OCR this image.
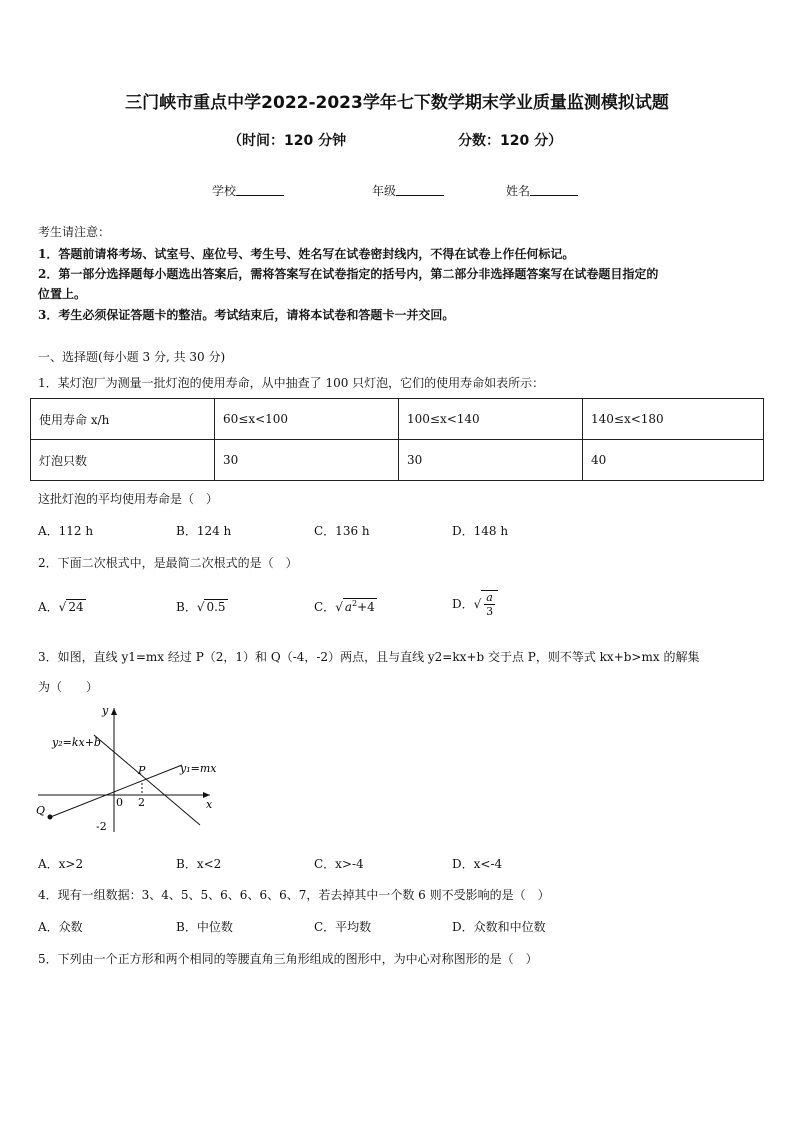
三门峡市重点中学2022-2023学年七下数学期末学业质量监测模拟试题
（时间：120 分钟	分数：120 分）
学校	年级	姓名
考生请注意：
1．答题前请将考场、试室号、座位号、考生号、姓名写在试卷密封线内，不得在试卷上作任何标记。
2．第一部分选择题每小题选出答案后，需将答案写在试卷指定的括号内，第二部分非选择题答案写在试卷题目指定的
位置上。
3．考生必须保证答题卡的整洁。考试结束后，请将本试卷和答题卡一并交回。
一、选择题(每小题 3 分, 共 30 分)
1．某灯泡厂为测量一批灯泡的使用寿命，从中抽查了 100 只灯泡，它们的使用寿命如表所示：
使用寿命 x/h	60≤x<100	100≤x<140	140≤x<180
灯泡只数	30	30	40
这批灯泡的平均使用寿命是（　）
A．112 h	B．124 h	C．136 h	D．148 h
2．下面二次根式中，是最简二次根式的是（　）
A．√ 24	B．√ 0.5	C．√ $a^2+4$	D．√ $\frac{a}{3}$
3．如图，直线 y1=mx 经过 P（2，1）和 Q（-4，-2）两点，且与直线 y2=kx+b 交于点 P，则不等式 kx+b>mx 的解集
为（　　）
y
x
y₂=kx+b
y₁=mx
P
Q
0 2
-2
A．x>2	B．x<2	C．x>-4	D．x<-4
4．现有一组数据：3、4、5、5、6、6、6、6、7，若去掉其中一个数 6 则不受影响的是（　）
A．众数	B．中位数	C．平均数	D．众数和中位数
5．下列由一个正方形和两个相同的等腰直角三角形组成的图形中，为中心对称图形的是（　）
